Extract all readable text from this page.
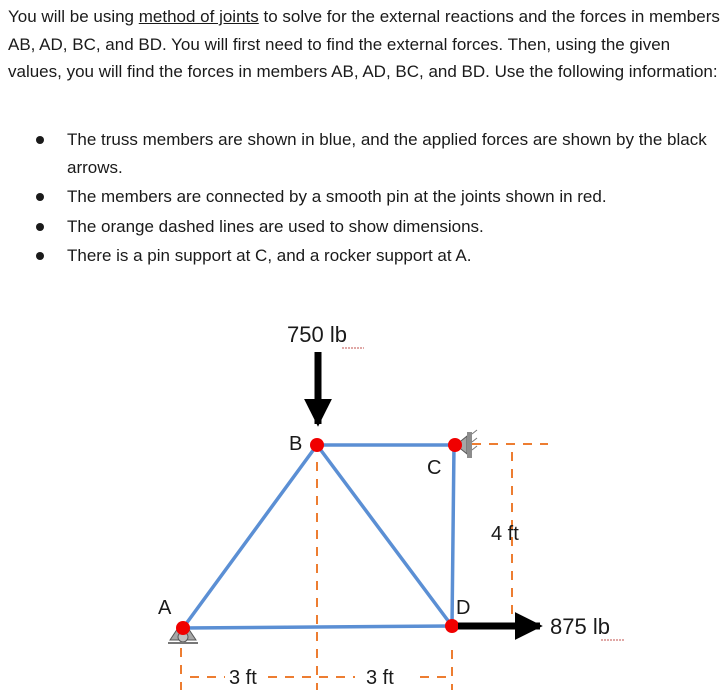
You will be using method of joints to solve for the external reactions and the forces in members AB, AD, BC, and BD. You will first need to find the external forces. Then, using the given values, you will find the forces in members AB, AD, BC, and BD. Use the following information:
The truss members are shown in blue, and the applied forces are shown by the black arrows.
The members are connected by a smooth pin at the joints shown in red.
The orange dashed lines are used to show dimensions.
There is a pin support at C, and a rocker support at A.
750 lb
B
C
A	D
4 ft
875 lb
3 ft	3 ft
